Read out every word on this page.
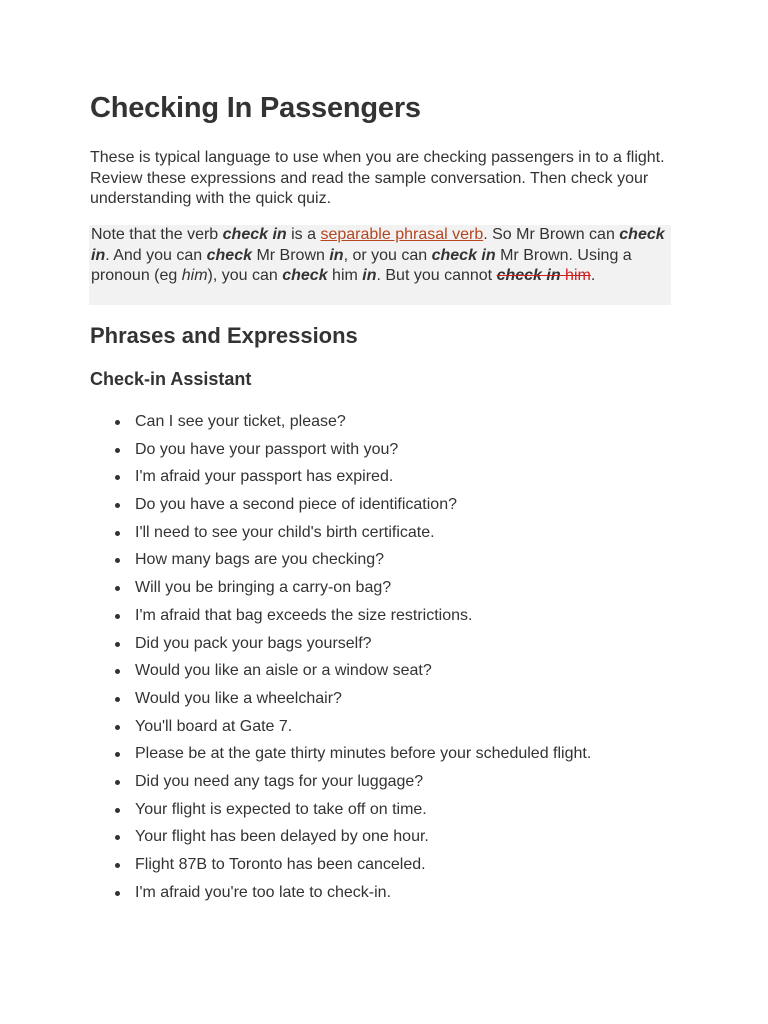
Checking In Passengers

These is typical language to use when you are checking passengers in to a flight. Review these expressions and read the sample conversation. Then check your understanding with the quick quiz.

Note that the verb check in is a separable phrasal verb. So Mr Brown can check in. And you can check Mr Brown in, or you can check in Mr Brown. Using a pronoun (eg him), you can check him in. But you cannot check in him.

Phrases and Expressions
Check-in Assistant
Can I see your ticket, please?
Do you have your passport with you?
I'm afraid your passport has expired.
Do you have a second piece of identification?
I'll need to see your child's birth certificate.
How many bags are you checking?
Will you be bringing a carry-on bag?
I'm afraid that bag exceeds the size restrictions.
Did you pack your bags yourself?
Would you like an aisle or a window seat?
Would you like a wheelchair?
You'll board at Gate 7.
Please be at the gate thirty minutes before your scheduled flight.
Did you need any tags for your luggage?
Your flight is expected to take off on time.
Your flight has been delayed by one hour.
Flight 87B to Toronto has been canceled.
I'm afraid you're too late to check-in.
